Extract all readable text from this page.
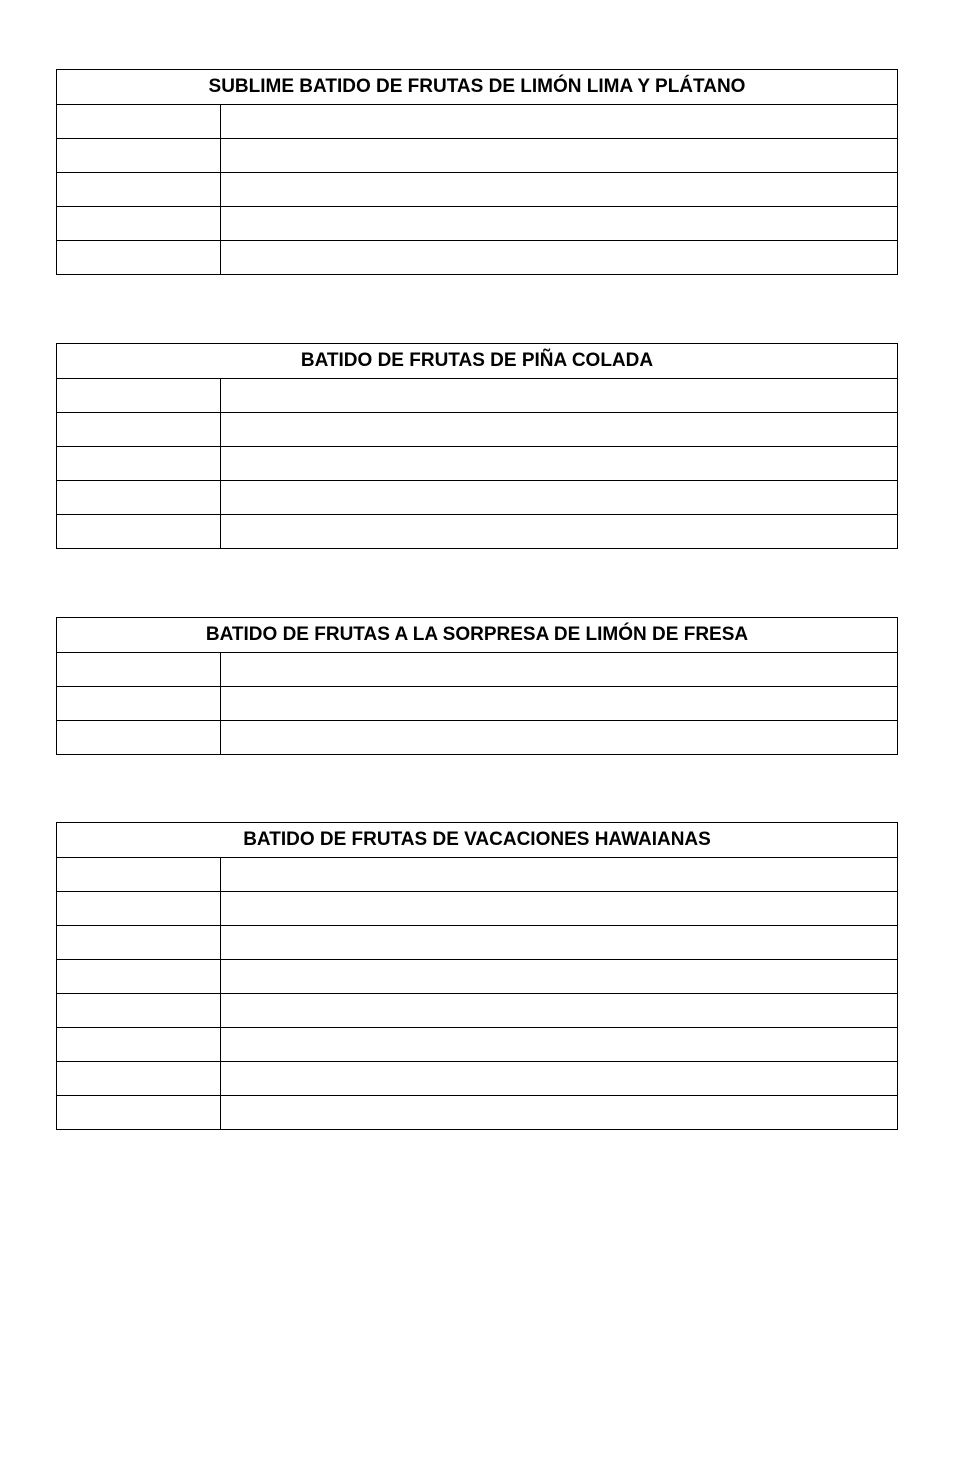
SUBLIME BATIDO DE FRUTAS DE LIMÓN LIMA Y PLÁTANO	

BATIDO DE FRUTAS DE PIÑA COLADA	

BATIDO DE FRUTAS A LA SORPRESA DE LIMÓN DE FRESA	

BATIDO DE FRUTAS DE VACACIONES HAWAIANAS	
